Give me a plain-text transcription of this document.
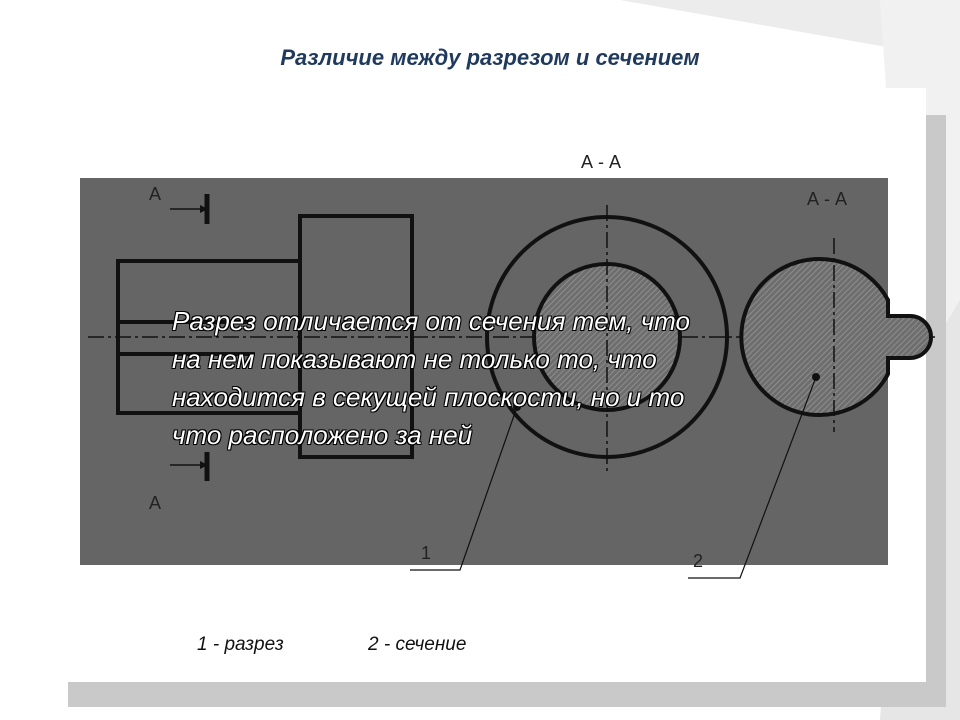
Различие между разрезом и сечением
А - А
А - А
А
А
1	2
Разрез отличается от сечения тем, что
на нем показывают не только то, что
находится в секущей плоскости, но и то
что расположено за ней
1 - разрез	2 - сечение
